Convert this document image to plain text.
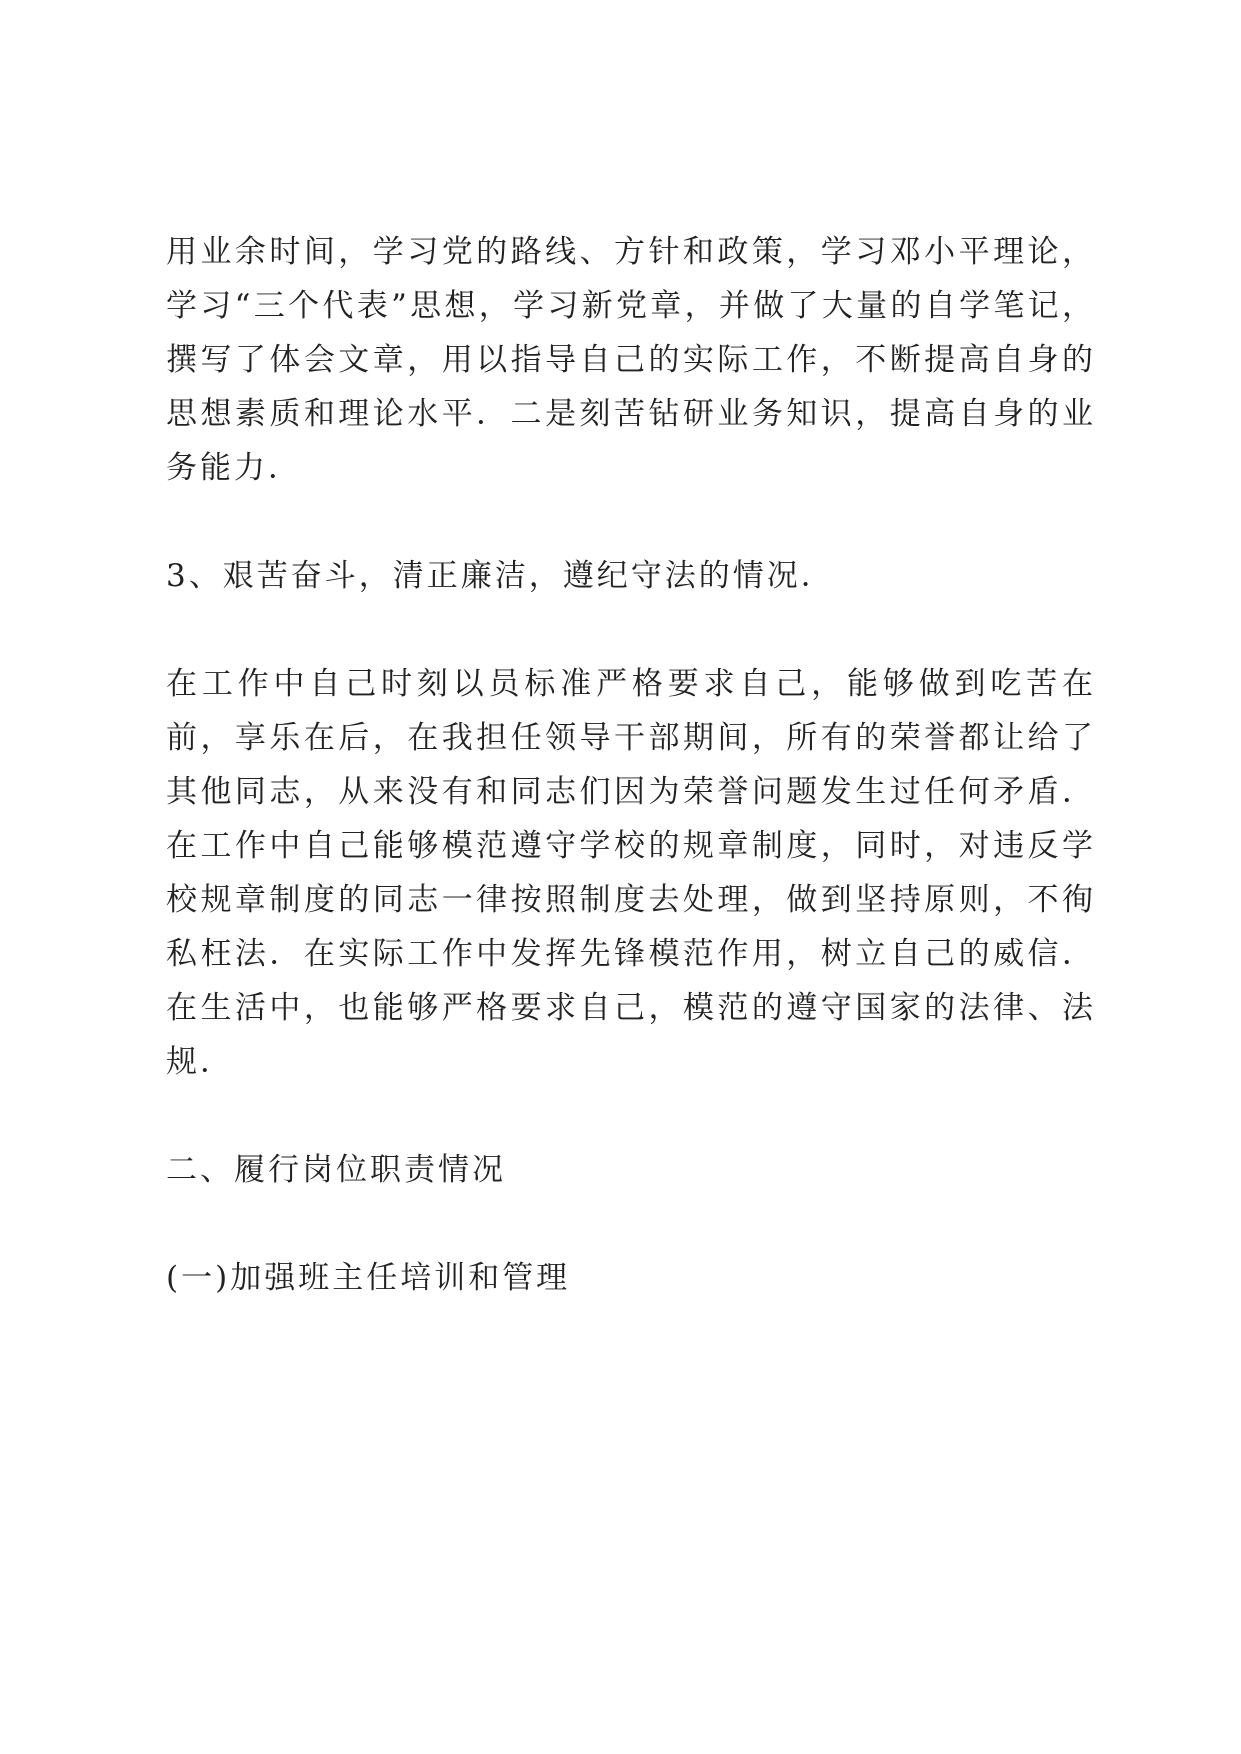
用业余时间，学习党的路线、方针和政策，学习邓小平理论，学习“三个代表”思想，学习新党章，并做了大量的自学笔记，撰写了体会文章，用以指导自己的实际工作，不断提高自身的思想素质和理论水平．二是刻苦钻研业务知识，提高自身的业务能力．

3、艰苦奋斗，清正廉洁，遵纪守法的情况．

在工作中自己时刻以员标准严格要求自己，能够做到吃苦在前，享乐在后，在我担任领导干部期间，所有的荣誉都让给了其他同志，从来没有和同志们因为荣誉问题发生过任何矛盾．在工作中自己能够模范遵守学校的规章制度，同时，对违反学校规章制度的同志一律按照制度去处理，做到坚持原则，不徇私枉法．在实际工作中发挥先锋模范作用，树立自己的威信．在生活中，也能够严格要求自己，模范的遵守国家的法律、法规．

二、履行岗位职责情况

(一)加强班主任培训和管理
